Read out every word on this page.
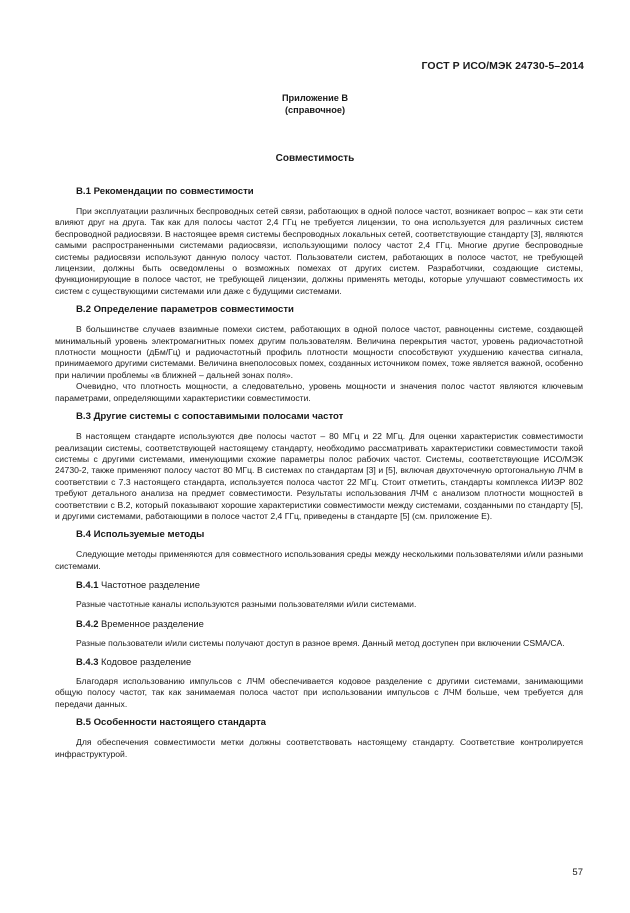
ГОСТ Р ИСО/МЭК 24730-5–2014
Приложение В
(справочное)
Совместимость
В.1 Рекомендации по совместимости

При эксплуатации различных беспроводных сетей связи, работающих в одной полосе частот, возникает вопрос – как эти сети влияют друг на друга. Так как для полосы частот 2,4 ГГц не требуется лицензии, то она используется для различных систем беспроводной радиосвязи. В настоящее время системы беспроводных локальных сетей, соответствующие стандарту [3], являются самыми распространенными системами радиосвязи, использующими полосу частот 2,4 ГГц. Многие другие беспроводные системы радиосвязи используют данную полосу частот. Пользователи систем, работающих в полосе частот, не требующей лицензии, должны быть осведомлены о возможных помехах от других систем. Разработчики, создающие системы, функционирующие в полосе частот, не требующей лицензии, должны применять методы, которые улучшают совместимость их систем с существующими системами или даже с будущими системами.

В.2 Определение параметров совместимости

В большинстве случаев взаимные помехи систем, работающих в одной полосе частот, равноценны системе, создающей минимальный уровень электромагнитных помех другим пользователям. Величина перекрытия частот, уровень радиочастотной плотности мощности (дБм/Гц) и радиочастотный профиль плотности мощности способствуют ухудшению качества сигнала, принимаемого другими системами. Величина внеполосовых помех, созданных источником помех, тоже является важной, особенно при наличии проблемы «в ближней – дальней зонах поля».

Очевидно, что плотность мощности, а следовательно, уровень мощности и значения полос частот являются ключевым параметрами, определяющими характеристики совместимости.

В.3 Другие системы с сопоставимыми полосами частот

В настоящем стандарте используются две полосы частот – 80 МГц и 22 МГц. Для оценки характеристик совместимости реализации системы, соответствующей настоящему стандарту, необходимо рассматривать характеристики совместимости такой системы с другими системами, именующими схожие параметры полос рабочих частот. Системы, соответствующие ИСО/МЭК 24730-2, также применяют полосу частот 80 МГц. В системах по стандартам [3] и [5], включая двухточечную ортогональную ЛЧМ в соответствии с 7.3 настоящего стандарта, используется полоса частот 22 МГц. Стоит отметить, стандарты комплекса ИИЭР 802 требуют детального анализа на предмет совместимости. Результаты использования ЛЧМ с анализом плотности мощностей в соответствии с В.2, который показывают хорошие характеристики совместимости между системами, созданными по стандарту [5], и другими системами, работающими в полосе частот 2,4 ГГц, приведены в стандарте [5] (см. приложение Е).

В.4 Используемые методы

Следующие методы применяются для совместного использования среды между несколькими пользователями и/или разными системами.

В.4.1 Частотное разделение

Разные частотные каналы используются разными пользователями и/или системами.

В.4.2 Временное разделение

Разные пользователи и/или системы получают доступ в разное время. Данный метод доступен при включении CSMA/CA.

В.4.3 Кодовое разделение

Благодаря использованию импульсов с ЛЧМ обеспечивается кодовое разделение с другими системами, занимающими общую полосу частот, так как занимаемая полоса частот при использовании импульсов с ЛЧМ больше, чем требуется для передачи данных.

В.5 Особенности настоящего стандарта

Для обеспечения совместимости метки должны соответствовать настоящему стандарту. Соответствие контролируется инфраструктурой.

57
